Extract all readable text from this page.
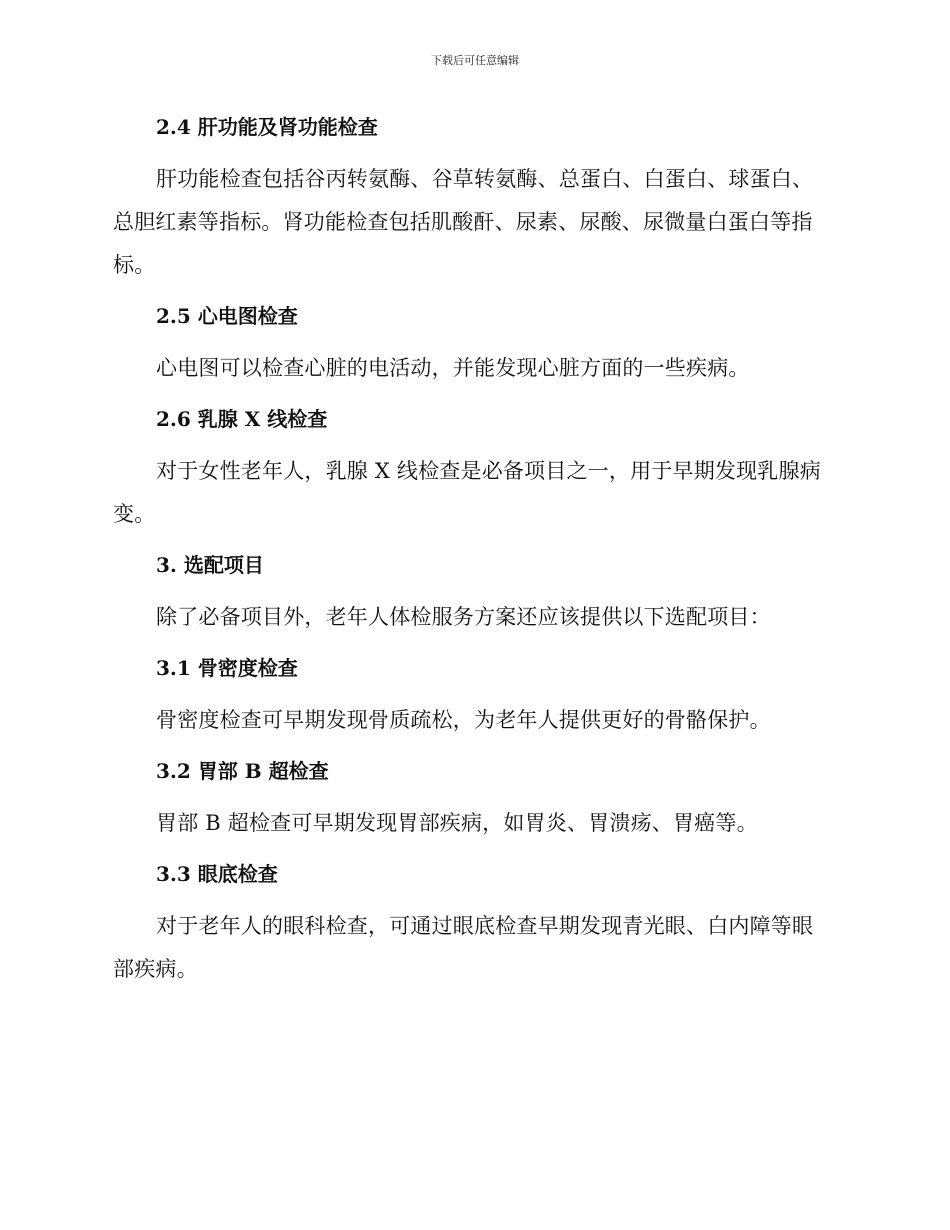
下载后可任意编辑
2.4 肝功能及肾功能检查

肝功能检查包括谷丙转氨酶、谷草转氨酶、总蛋白、白蛋白、球蛋白、总胆红素等指标。肾功能检查包括肌酸酐、尿素、尿酸、尿微量白蛋白等指标。

2.5 心电图检查

心电图可以检查心脏的电活动，并能发现心脏方面的一些疾病。

2.6 乳腺 X 线检查

对于女性老年人，乳腺 X 线检查是必备项目之一，用于早期发现乳腺病变。

3. 选配项目

除了必备项目外，老年人体检服务方案还应该提供以下选配项目：

3.1 骨密度检查

骨密度检查可早期发现骨质疏松，为老年人提供更好的骨骼保护。

3.2 胃部 B 超检查

胃部 B 超检查可早期发现胃部疾病，如胃炎、胃溃疡、胃癌等。

3.3 眼底检查

对于老年人的眼科检查，可通过眼底检查早期发现青光眼、白内障等眼部疾病。
